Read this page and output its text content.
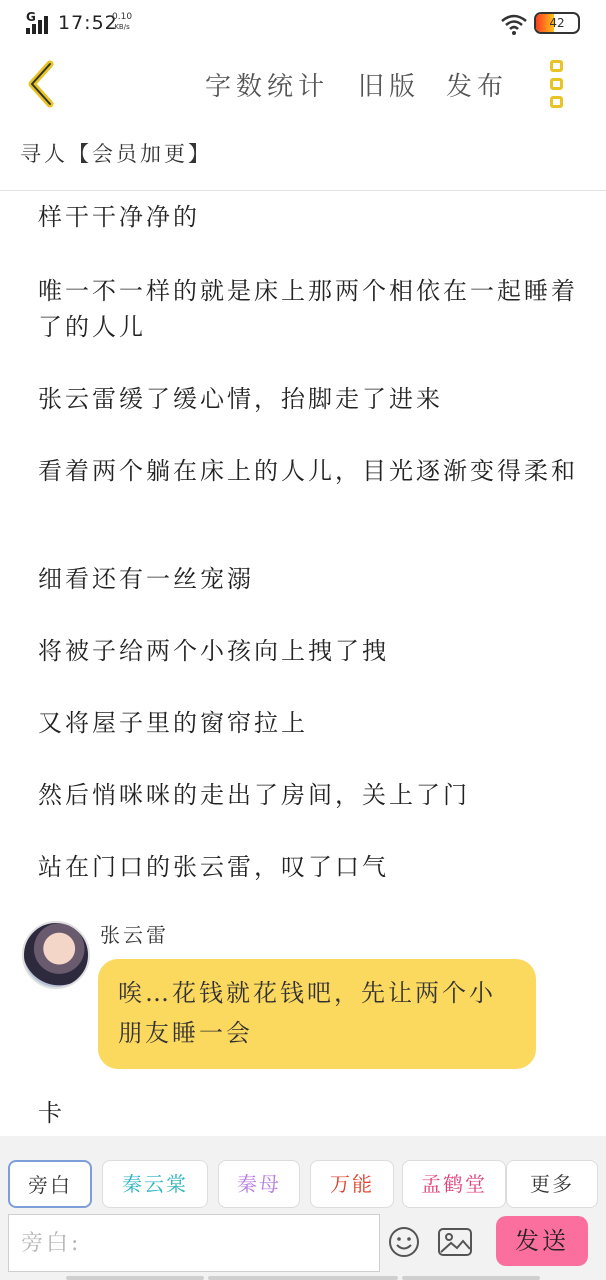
G 17:52
0.10
KB/s	42
字数统计 旧版 发布
寻人【会员加更】
样干干净净的
唯一不一样的就是床上那两个相依在一起睡着了的人儿
张云雷缓了缓心情，抬脚走了进来
看着两个躺在床上的人儿，目光逐渐变得柔和
细看还有一丝宠溺
将被子给两个小孩向上拽了拽
又将屋子里的窗帘拉上
然后悄咪咪的走出了房间，关上了门
站在门口的张云雷，叹了口气
张云雷
唉…花钱就花钱吧，先让两个小朋友睡一会
卡
旁白	秦云棠	秦母	万能	孟鹤堂	更多
旁白:
发送
